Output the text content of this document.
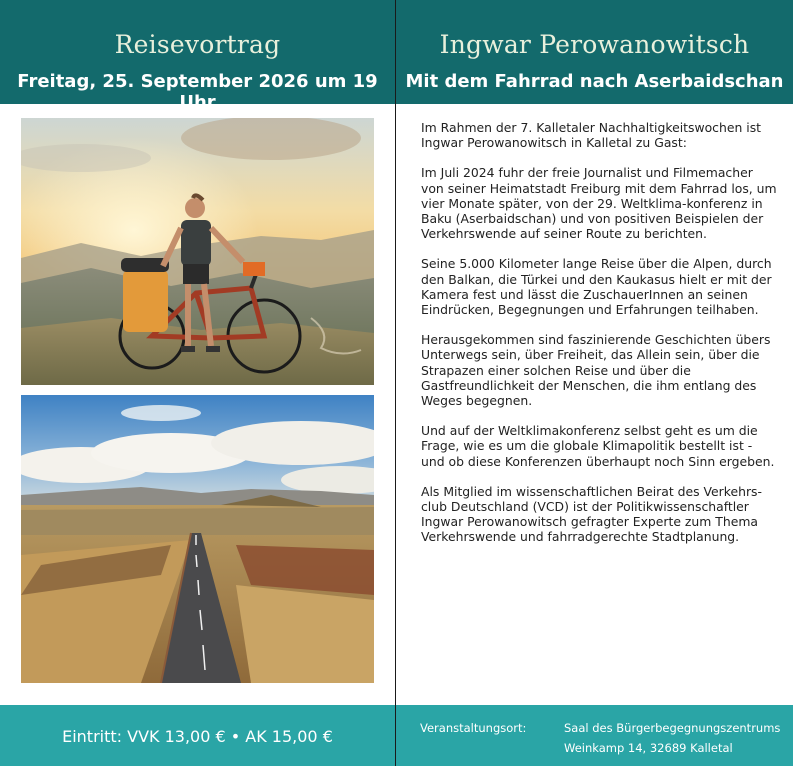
Reisevortrag
Freitag, 25. September 2026 um 19 Uhr
Ingwar Perowanowitsch
Mit dem Fahrrad nach Aserbaidschan

Im Rahmen der 7. Kalletaler Nachhaltigkeitswochen ist Ingwar Perowanowitsch in Kalletal zu Gast:

Im Juli 2024 fuhr der freie Journalist und Filmemacher von seiner Heimatstadt Freiburg mit dem Fahrrad los, um vier Monate später, von der 29. Weltklima-konferenz in Baku (Aserbaidschan) und von positiven Beispielen der Verkehrswende auf seiner Route zu berichten.

Seine 5.000 Kilometer lange Reise über die Alpen, durch den Balkan, die Türkei und den Kaukasus hielt er mit der Kamera fest und lässt die ZuschauerInnen an seinen Eindrücken, Begegnungen und Erfahrungen teilhaben.

Herausgekommen sind faszinierende Geschichten übers Unterwegs sein, über Freiheit, das Allein sein, über die Strapazen einer solchen Reise und über die Gastfreundlichkeit der Menschen, die ihm entlang des Weges begegnen.

Und auf der Weltklimakonferenz selbst geht es um die Frage, wie es um die globale Klimapolitik bestellt ist - und ob diese Konferenzen überhaupt noch Sinn ergeben.

Als Mitglied im wissenschaftlichen Beirat des Verkehrs-club Deutschland (VCD) ist der Politikwissenschaftler Ingwar Perowanowitsch gefragter Experte zum Thema Verkehrswende und fahrradgerechte Stadtplanung.

Eintritt: VVK 13,00 € • AK 15,00 €	Veranstaltungsort:	Saal des Bürgerbegegnungszentrums
Weinkamp 14, 32689 Kalletal
